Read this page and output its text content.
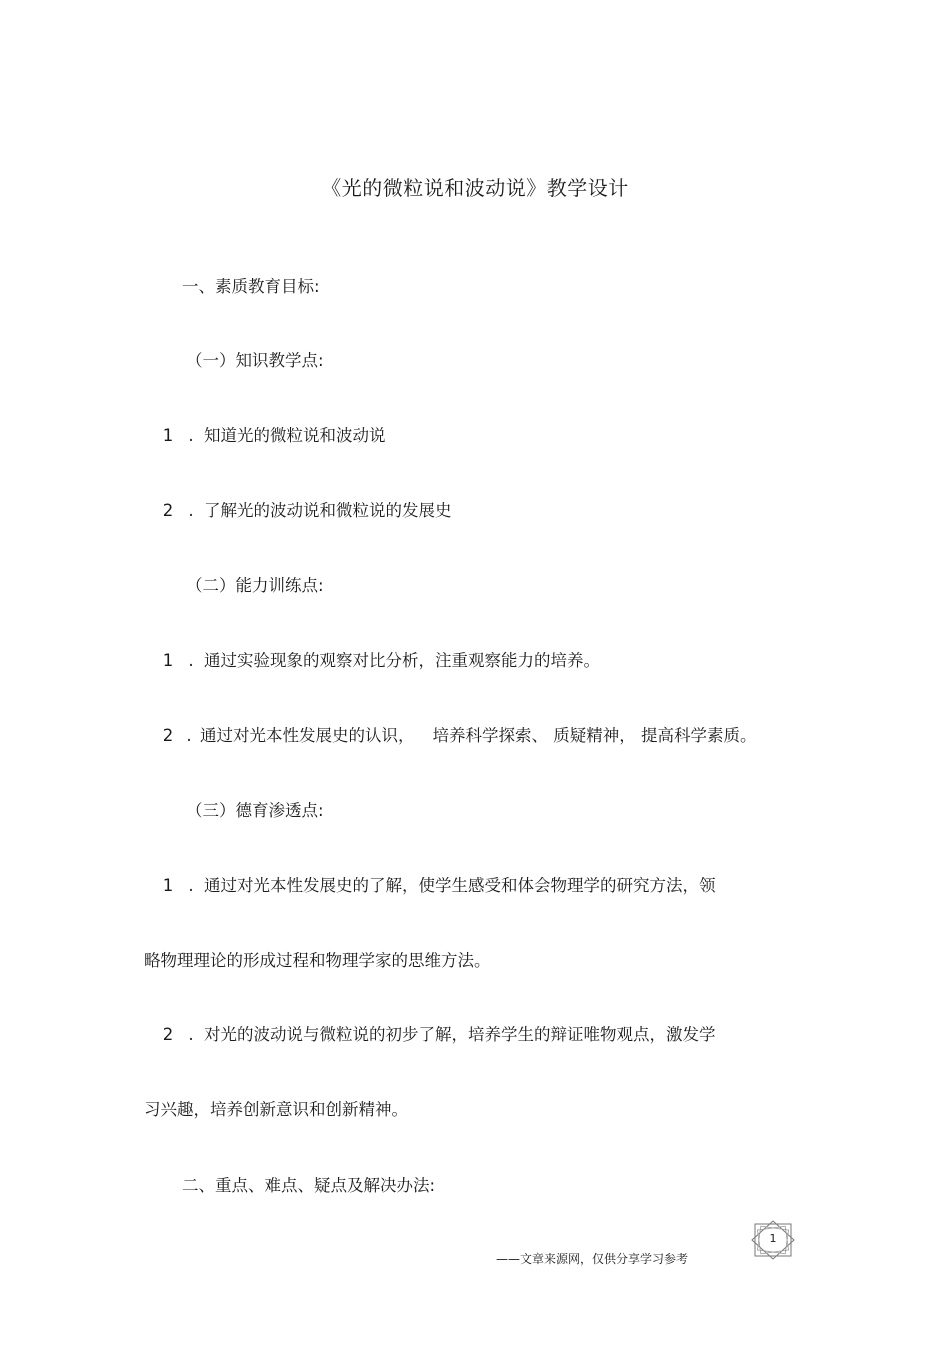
《光的微粒说和波动说》教学设计
一、素质教育目标:
（一）知识教学点:
1 . 知道光的微粒说和波动说
2 . 了解光的波动说和微粒说的发展史
（二）能力训练点:
1 . 通过实验现象的观察对比分析，注重观察能力的培养。
2 . 通过对光本性发展史的认识， 培养科学探索、 质疑精神， 提高科学素质。
（三）德育渗透点:
1 . 通过对光本性发展史的了解，使学生感受和体会物理学的研究方法，领
略物理理论的形成过程和物理学家的思维方法。
2 . 对光的波动说与微粒说的初步了解，培养学生的辩证唯物观点，激发学
习兴趣，培养创新意识和创新精神。
二、重点、难点、疑点及解决办法:
——文章来源网，仅供分享学习参考
1
